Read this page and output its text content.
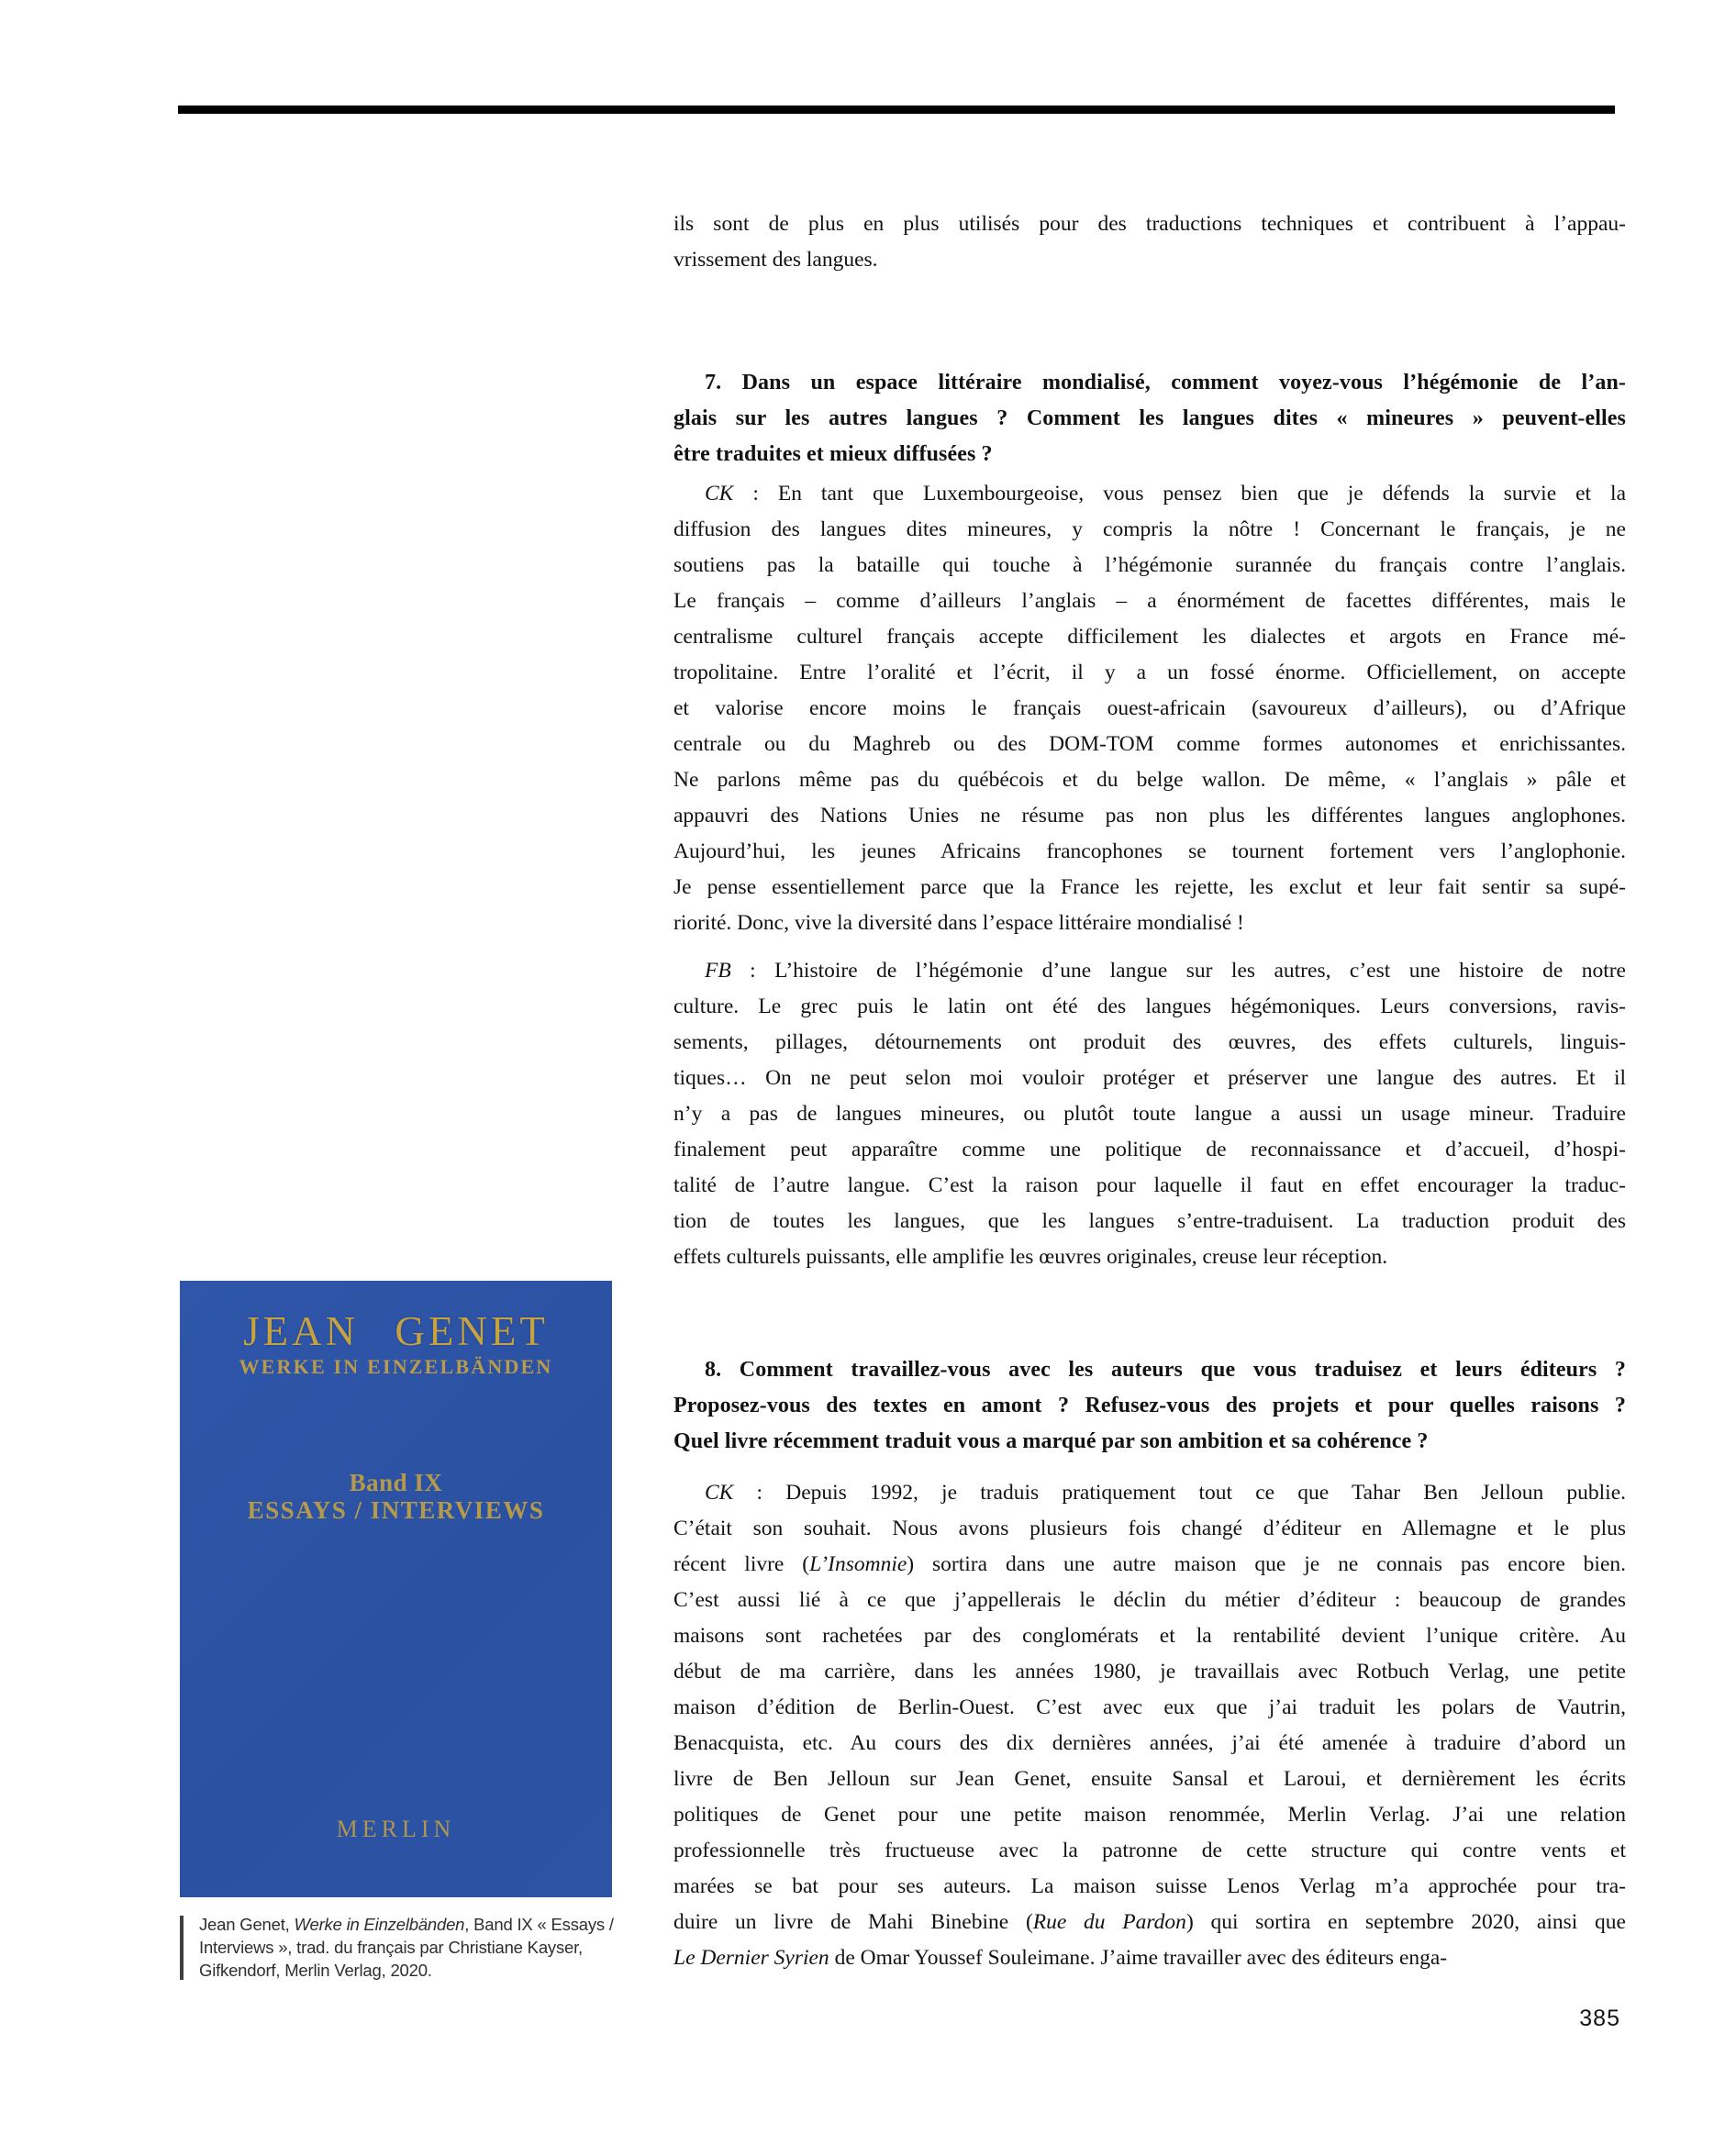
ils sont de plus en plus utilisés pour des traductions techniques et contribuent à l’appau-
vrissement des langues.
7. Dans un espace littéraire mondialisé, comment voyez-vous l’hégémonie de l’an-
glais sur les autres langues ? Comment les langues dites « mineures » peuvent-elles
être traduites et mieux diffusées ?
CK : En tant que Luxembourgeoise, vous pensez bien que je défends la survie et la
diffusion des langues dites mineures, y compris la nôtre ! Concernant le français, je ne
soutiens pas la bataille qui touche à l’hégémonie surannée du français contre l’anglais.
Le français – comme d’ailleurs l’anglais – a énormément de facettes différentes, mais le
centralisme culturel français accepte difficilement les dialectes et argots en France mé-
tropolitaine. Entre l’oralité et l’écrit, il y a un fossé énorme. Officiellement, on accepte
et valorise encore moins le français ouest-africain (savoureux d’ailleurs), ou d’Afrique
centrale ou du Maghreb ou des DOM-TOM comme formes autonomes et enrichissantes.
Ne parlons même pas du québécois et du belge wallon. De même, « l’anglais » pâle et
appauvri des Nations Unies ne résume pas non plus les différentes langues anglophones.
Aujourd’hui, les jeunes Africains francophones se tournent fortement vers l’anglophonie.
Je pense essentiellement parce que la France les rejette, les exclut et leur fait sentir sa supé-
riorité. Donc, vive la diversité dans l’espace littéraire mondialisé !
FB : L’histoire de l’hégémonie d’une langue sur les autres, c’est une histoire de notre
culture. Le grec puis le latin ont été des langues hégémoniques. Leurs conversions, ravis-
sements, pillages, détournements ont produit des œuvres, des effets culturels, linguis-
tiques… On ne peut selon moi vouloir protéger et préserver une langue des autres. Et il
n’y a pas de langues mineures, ou plutôt toute langue a aussi un usage mineur. Traduire
finalement peut apparaître comme une politique de reconnaissance et d’accueil, d’hospi-
talité de l’autre langue. C’est la raison pour laquelle il faut en effet encourager la traduc-
tion de toutes les langues, que les langues s’entre-traduisent. La traduction produit des
effets culturels puissants, elle amplifie les œuvres originales, creuse leur réception.
8. Comment travaillez-vous avec les auteurs que vous traduisez et leurs éditeurs ?
Proposez-vous des textes en amont ? Refusez-vous des projets et pour quelles raisons ?
Quel livre récemment traduit vous a marqué par son ambition et sa cohérence ?
CK : Depuis 1992, je traduis pratiquement tout ce que Tahar Ben Jelloun publie.
C’était son souhait. Nous avons plusieurs fois changé d’éditeur en Allemagne et le plus
récent livre (L’Insomnie) sortira dans une autre maison que je ne connais pas encore bien.
C’est aussi lié à ce que j’appellerais le déclin du métier d’éditeur : beaucoup de grandes
maisons sont rachetées par des conglomérats et la rentabilité devient l’unique critère. Au
début de ma carrière, dans les années 1980, je travaillais avec Rotbuch Verlag, une petite
maison d’édition de Berlin-Ouest. C’est avec eux que j’ai traduit les polars de Vautrin,
Benacquista, etc. Au cours des dix dernières années, j’ai été amenée à traduire d’abord un
livre de Ben Jelloun sur Jean Genet, ensuite Sansal et Laroui, et dernièrement les écrits
politiques de Genet pour une petite maison renommée, Merlin Verlag. J’ai une relation
professionnelle très fructueuse avec la patronne de cette structure qui contre vents et
marées se bat pour ses auteurs. La maison suisse Lenos Verlag m’a approchée pour tra-
duire un livre de Mahi Binebine (Rue du Pardon) qui sortira en septembre 2020, ainsi que
Le Dernier Syrien de Omar Youssef Souleimane. J’aime travailler avec des éditeurs enga-
JEAN GENET
WERKE IN EINZELBÄNDEN
Band IX
ESSAYS / INTERVIEWS
MERLIN
Jean Genet, Werke in Einzelbänden, Band IX « Essays /
Interviews », trad. du français par Christiane Kayser,
Gifkendorf, Merlin Verlag, 2020.
385
